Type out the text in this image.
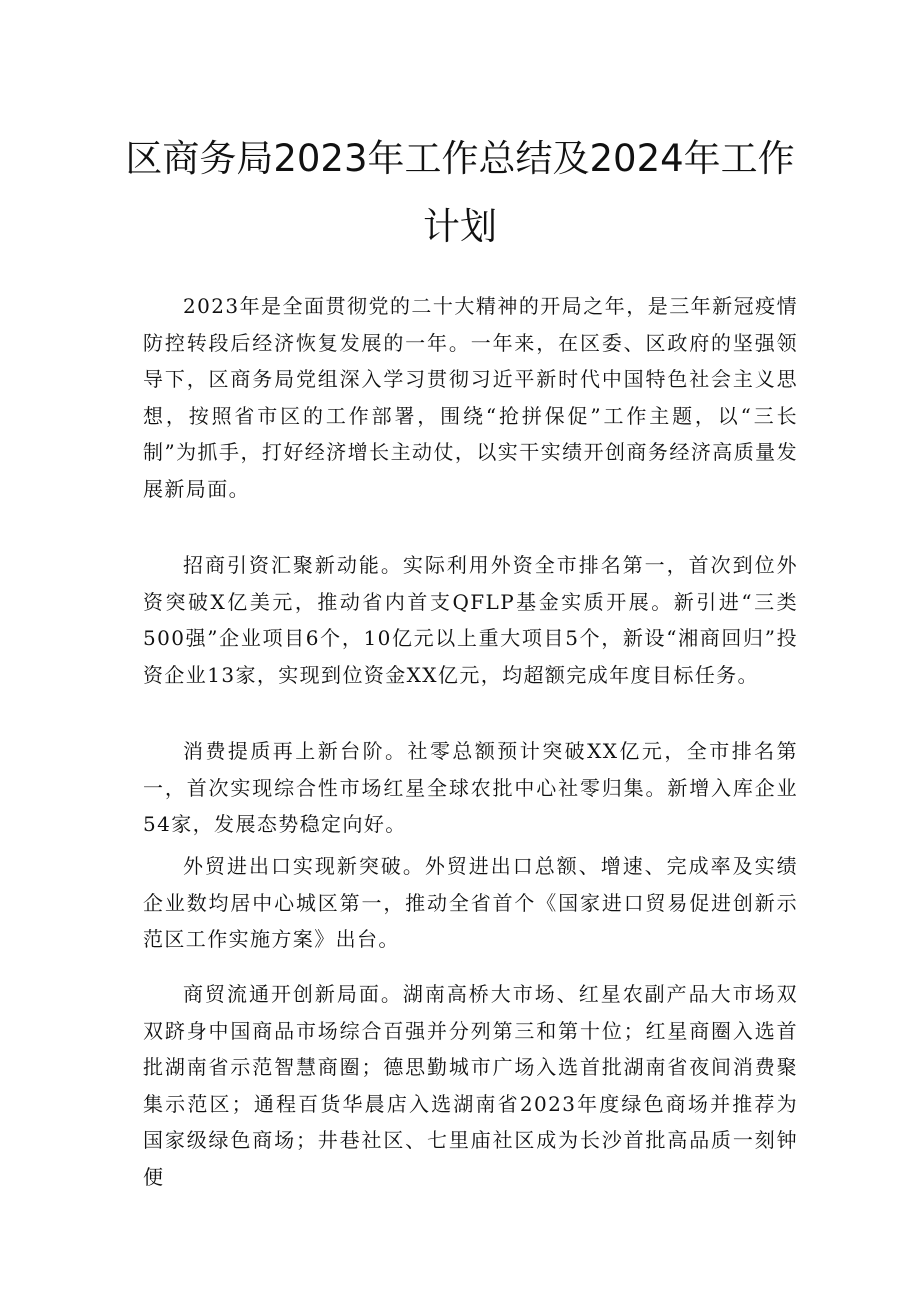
区商务局2023年工作总结及2024年工作
计划

2023年是全面贯彻党的二十大精神的开局之年，是三年新冠疫情防控转段后经济恢复发展的一年。一年来，在区委、区政府的坚强领导下，区商务局党组深入学习贯彻习近平新时代中国特色社会主义思想，按照省市区的工作部署，围绕“抢拼保促”工作主题，以“三长制”为抓手，打好经济增长主动仗，以实干实绩开创商务经济高质量发展新局面。

招商引资汇聚新动能。实际利用外资全市排名第一，首次到位外资突破X亿美元，推动省内首支QFLP基金实质开展。新引进“三类500强”企业项目6个，10亿元以上重大项目5个，新设“湘商回归”投资企业13家，实现到位资金XX亿元，均超额完成年度目标任务。

消费提质再上新台阶。社零总额预计突破XX亿元，全市排名第一，首次实现综合性市场红星全球农批中心社零归集。新增入库企业54家，发展态势稳定向好。

外贸进出口实现新突破。外贸进出口总额、增速、完成率及实绩企业数均居中心城区第一，推动全省首个《国家进口贸易促进创新示范区工作实施方案》出台。

商贸流通开创新局面。湖南高桥大市场、红星农副产品大市场双双跻身中国商品市场综合百强并分列第三和第十位；红星商圈入选首批湖南省示范智慧商圈；德思勤城市广场入选首批湖南省夜间消费聚集示范区；通程百货华晨店入选湖南省2023年度绿色商场并推荐为国家级绿色商场；井巷社区、七里庙社区成为长沙首批高品质一刻钟便
